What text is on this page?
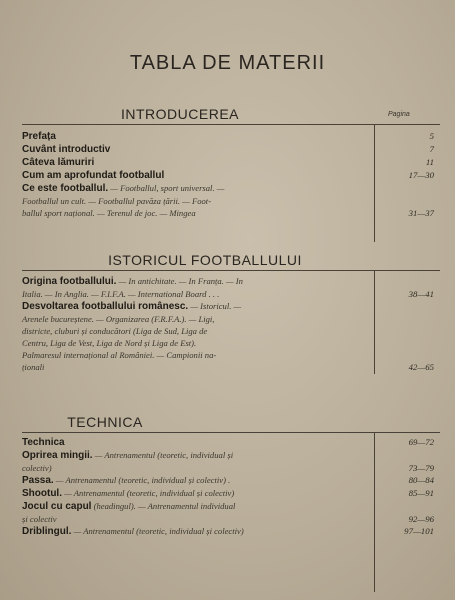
TABLA DE MATERII
INTRODUCEREA	Pagina
Prefața	5
Cuvânt introductiv	7
Câteva lămuriri	11
Cum am aprofundat footballul	17—30
Ce este footballul. — Footballul, sport universal. —
Footballul un cult. — Footballul pavăza țării. — Foot-
ballul sport național. — Terenul de joc. — Mingea	31—37
ISTORICUL FOOTBALLULUI
Origina footballului. — In antichitate. — In Franța. — In
Italia. — In Anglia. — F.I.F.A. — International Board . . .	38—41
Desvoltarea footballului românesc. — Istoricul. —
Arenele bucureștene. — Organizarea (F.R.F.A.). — Ligi,
districte, cluburi și conducători (Liga de Sud, Liga de
Centru, Liga de Vest, Liga de Nord și Liga de Est).
Palmaresul internațional al României. — Campionii na-
ționali	42—65
TECHNICA
Technica	69—72
Oprirea mingii. — Antrenamentul (teoretic, individual și
colectiv)	73—79
Passa. — Antrenamentul (teoretic, individual și colectiv) .	80—84
Shootul. — Antrenamentul (teoretic, individual și colectiv)	85—91
Jocul cu capul (headingul). — Antrenamentul individual
și colectiv	92—96
Driblingul. — Antrenamentul (teoretic, individual și colectiv)	97—101
